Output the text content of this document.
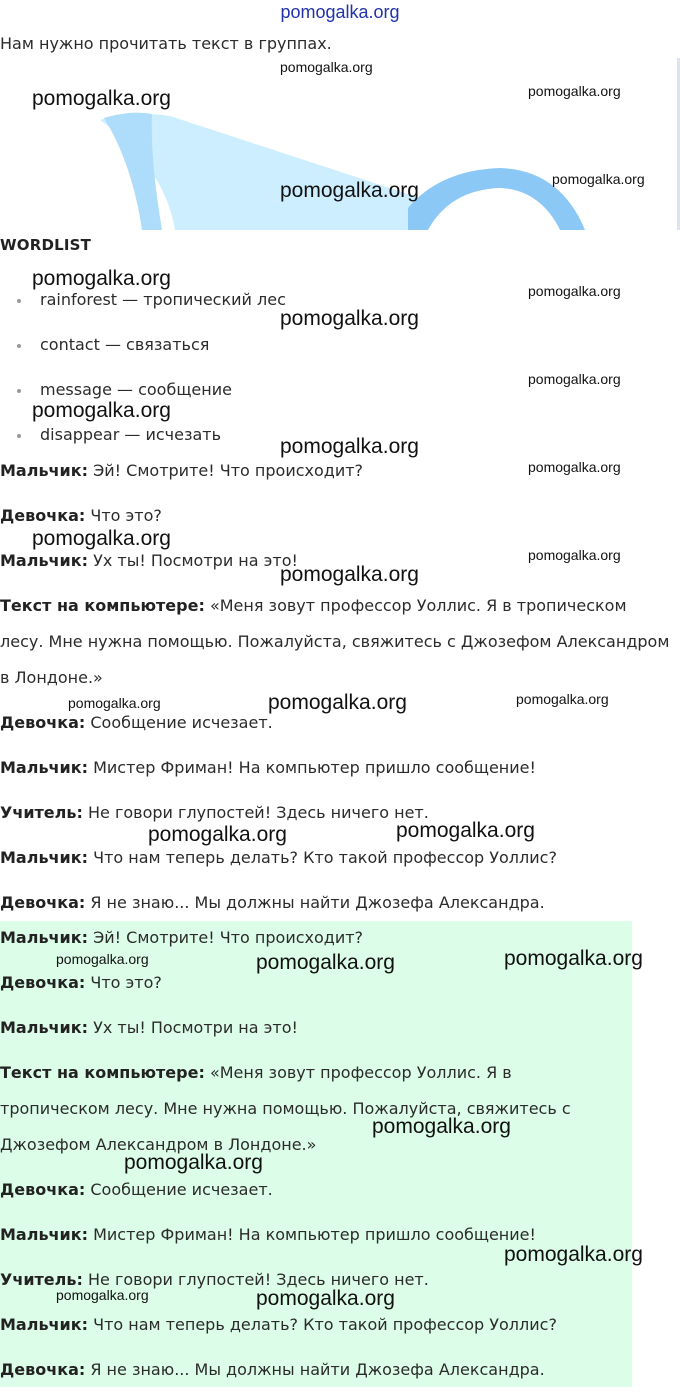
pomogalka.org
Нам нужно прочитать текст в группах.
WORDLIST
rainforest — тропический лес
contact — связаться
message — сообщение
disappear — исчезать

Мальчик: Эй! Смотрите! Что происходит?

Девочка: Что это?

Мальчик: Ух ты! Посмотри на это!

Текст на компьютере: «Меня зовут профессор Уоллис. Я в тропическом лесу. Мне нужна помощью. Пожалуйста, свяжитесь с Джозефом Александром в Лондоне.»

Девочка: Сообщение исчезает.

Мальчик: Мистер Фриман! На компьютер пришло сообщение!

Учитель: Не говори глупостей! Здесь ничего нет.

Мальчик: Что нам теперь делать? Кто такой профессор Уоллис?

Девочка: Я не знаю... Мы должны найти Джозефа Александра.

Мальчик: Эй! Смотрите! Что происходит?

Девочка: Что это?

Мальчик: Ух ты! Посмотри на это!

Текст на компьютере: «Меня зовут профессор Уоллис. Я в тропическом лесу. Мне нужна помощью. Пожалуйста, свяжитесь с Джозефом Александром в Лондоне.»

Девочка: Сообщение исчезает.

Мальчик: Мистер Фриман! На компьютер пришло сообщение!

Учитель: Не говори глупостей! Здесь ничего нет.

Мальчик: Что нам теперь делать? Кто такой профессор Уоллис?

Девочка: Я не знаю... Мы должны найти Джозефа Александра.

pomogalka.org
pomogalka.org	pomogalka.org
pomogalka.org
pomogalka.org
pomogalka.org
pomogalka.org
pomogalka.org
pomogalka.org
pomogalka.org
pomogalka.org
pomogalka.org
pomogalka.org
pomogalka.org
pomogalka.org
pomogalka.org	pomogalka.org	pomogalka.org
pomogalka.org	pomogalka.org
pomogalka.org	pomogalka.org	pomogalka.org
pomogalka.org
pomogalka.org
pomogalka.org
pomogalka.org	pomogalka.org
